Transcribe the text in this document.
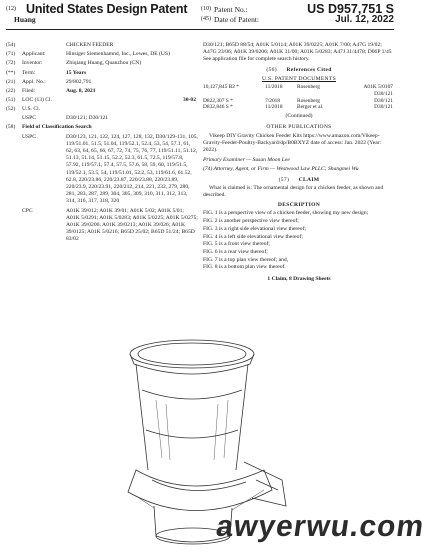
(12) United States Design Patent (10) Patent No.:	US D957,751 S
Huang	(45) Date of Patent:	Jul. 12, 2022
(54)	CHICKEN FEEDER
(71)	Applicant:	Hinsiger Siemenhamnd, Inc., Lewes, DE (US)
(72)	Inventor:	Zhiqiang Huang, Quanzhou (CN)
(**)	Term:	15 Years
(21)	Appl. No.:	29/802,791
(22)	Filed:	Aug. 8, 2021
(51)	LOC (13) Cl.	30-02
(52)	U.S. Cl.
USPC	D30/121; D30/121
(58)	Field of Classification Search
USPC	D30/123, 121, 122, 124, 127, 128, 132, D30/129-131, 105, 119/51.01, 51.5, 51.04, 119/52.1, 52.4, 53, 54, 57.1, 61, 62, 63, 64, 65, 66, 67, 72, 74, 75, 76, 77, 119/51.11, 51.12, 51.13, 51.14, 51.15, 52.2, 52.3, 61.5, 72.5, 119/57.8, 57.92, 119/57.1, 57.4, 57.5, 57.6, 58, 59, 60, 119/51.5, 119/52.1, 53.5, 54, 119/51.01, 52.2, 53, 119/61.6, 61.52, 62.8, 220/23.86, 220/23.87, 220/23.88, 220/23.89, 220/23.9, 220/23.91, 220/212, 214, 221, 232, 279, 280, 281, 283, 287, 289, 304, 305, 309, 310, 311, 312, 313, 314, 316, 317, 318, 320
CPC	A01K 39/012; A01K 39/01; A01K 5/02; A01K 5/01; A01K 5/0291; A01K 5/0283; A01K 5/0225; A01K 5/0275; A01K 39/0206; A01K 39/0213; A01K 39/026; A01K 39/0125; A01K 5/0216; B65D 25/02; B65D 51/24; B65D 83/02
D30/121; B65D 88/54; A01K 5/0114; A01K 39/0225; A01K 7/00; A47G 19/02; A47G 23/06; A01K 39/0206; A01K 31/00; A01K 5/0283; A47J 31/4478; D06P 1/45
See application file for complete search history.
(56) References Cited
U.S. PATENT DOCUMENTS
10,127,845 B2 *	11/2018	Rosenberg	A01K 5/0107
			D30/121
D822,307 S *	7/2018	Rosenberg	D30/121
D832,846 S *	11/2018	Berger et al.	D30/121
(Continued)
OTHER PUBLICATIONS
Vikeep DIY Gravity Chicken Feeder Kits https://www.amazon.com/Vikeep-Gravity-Feeder-Poultry-Backyard/dp/B0BXYZ date of access: Jan. 2022 (Year: 2022).
Primary Examiner — Susan Moon Lee
(74) Attorney, Agent, or Firm — Westwood Law PLLC; Shangmei Wu
(57) CLAIM
What is claimed is: The ornamental design for a chicken feeder, as shown and described.
DESCRIPTION
FIG. 1 is a perspective view of a chicken feeder, showing my new design;
FIG. 2 is another perspective view thereof;
FIG. 3 is a right side elevational view thereof;
FIG. 4 is a left side elevational view thereof;
FIG. 5 is a front view thereof;
FIG. 6 is a rear view thereof;
FIG. 7 is a top plan view thereof; and,
FIG. 8 is a bottom plan view thereof.
1 Claim, 8 Drawing Sheets
awyerwu.com
